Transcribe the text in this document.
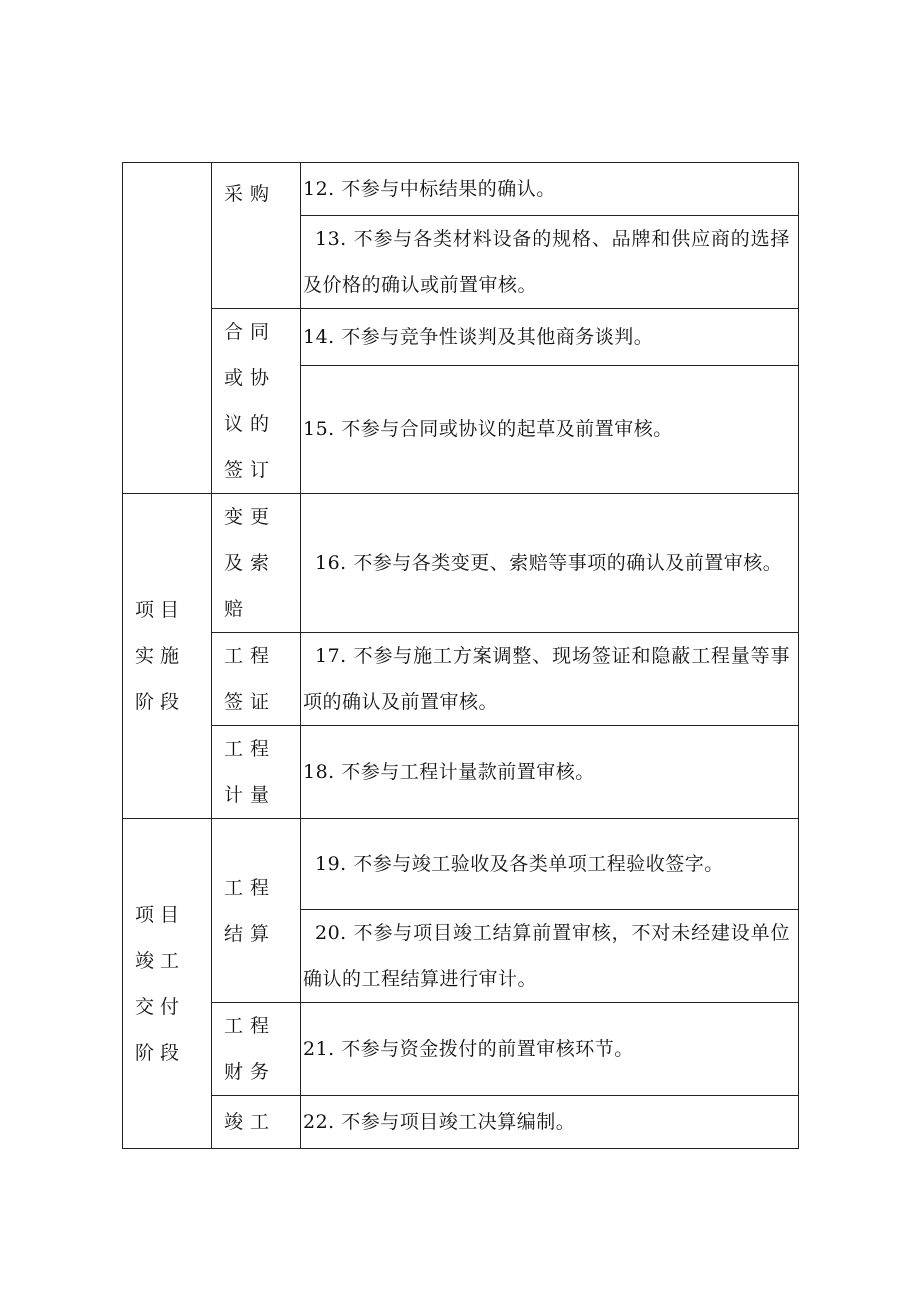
	采购	12. 不参与中标结果的确认。
		13. 不参与各类材料设备的规格、品牌和供应商的选择及价格的确认或前置审核。
	合同或协议的签订	14. 不参与竞争性谈判及其他商务谈判。
		15. 不参与合同或协议的起草及前置审核。
项目实施阶段	变更及索赔	16. 不参与各类变更、索赔等事项的确认及前置审核。
	工程签证	17. 不参与施工方案调整、现场签证和隐蔽工程量等事项的确认及前置审核。
	工程计量	18. 不参与工程计量款前置审核。
项目竣工交付阶段	工程结算	19. 不参与竣工验收及各类单项工程验收签字。
		20. 不参与项目竣工结算前置审核，不对未经建设单位确认的工程结算进行审计。
	工程财务	21. 不参与资金拨付的前置审核环节。
	竣工	22. 不参与项目竣工决算编制。
